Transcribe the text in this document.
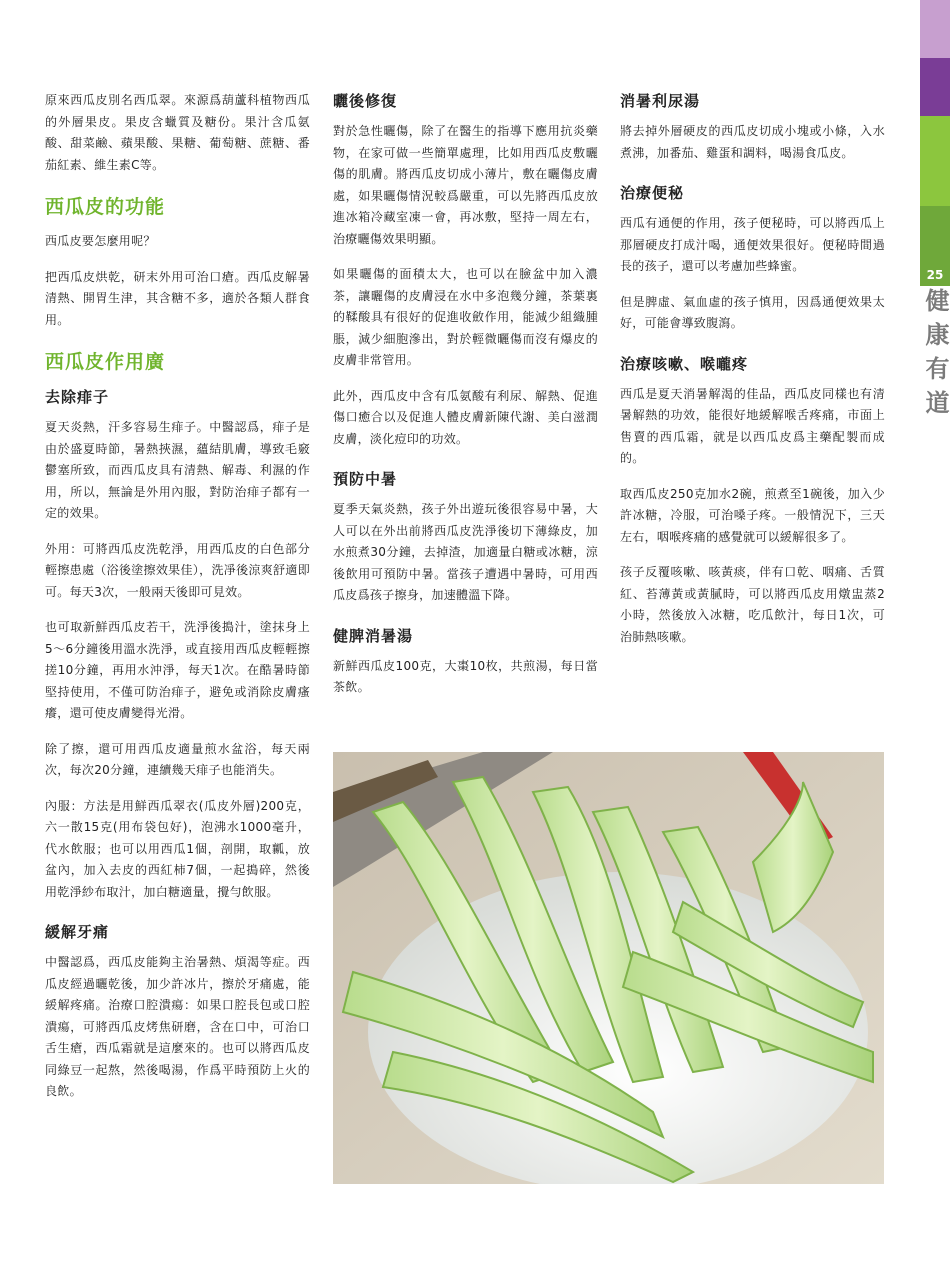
25
健康有道

原來西瓜皮別名西瓜翠。來源爲葫蘆科植物西瓜的外層果皮。果皮含蠟質及糖份。果汁含瓜氨酸、甜菜鹼、蘋果酸、果糖、葡萄糖、蔗糖、番茄紅素、維生素C等。

西瓜皮的功能

西瓜皮要怎麼用呢？

把西瓜皮烘乾，研末外用可治口瘡。西瓜皮解暑清熱、開胃生津，其含糖不多，適於各類人群食用。

西瓜皮作用廣
去除痱子

夏天炎熱，汗多容易生痱子。中醫認爲，痱子是由於盛夏時節，暑熱挾濕，蘊結肌膚，導致毛竅鬱塞所致，而西瓜皮具有清熱、解毒、利濕的作用，所以，無論是外用內服，對防治痱子都有一定的效果。

外用：可將西瓜皮洗乾淨，用西瓜皮的白色部分輕擦患處（浴後塗擦效果佳），洗凈後涼爽舒適即可。每天3次，一般兩天後即可見效。

也可取新鮮西瓜皮若干，洗淨後搗汁，塗抹身上5～6分鐘後用溫水洗淨，或直接用西瓜皮輕輕擦搓10分鐘，再用水沖淨，每天1次。在酷暑時節堅持使用，不僅可防治痱子，避免或消除皮膚瘙癢，還可使皮膚變得光滑。

除了擦，還可用西瓜皮適量煎水盆浴，每天兩次，每次20分鐘，連續幾天痱子也能消失。

內服：方法是用鮮西瓜翠衣(瓜皮外層)200克，六一散15克(用布袋包好)，泡沸水1000毫升，代水飲服；也可以用西瓜1個，剖開，取瓤，放盆內，加入去皮的西紅柿7個，一起搗碎，然後用乾淨紗布取汁，加白糖適量，攪勻飲服。

緩解牙痛

中醫認爲，西瓜皮能夠主治暑熱、煩渴等症。西瓜皮經過曬乾後，加少許冰片，擦於牙痛處，能緩解疼痛。治療口腔潰瘍：如果口腔長包或口腔潰瘍，可將西瓜皮烤焦研磨，含在口中，可治口舌生瘡，西瓜霜就是這麼來的。也可以將西瓜皮同綠豆一起熬，然後喝湯，作爲平時預防上火的良飲。

曬後修復

對於急性曬傷，除了在醫生的指導下應用抗炎藥物，在家可做一些簡單處理，比如用西瓜皮敷曬傷的肌膚。將西瓜皮切成小薄片，敷在曬傷皮膚處，如果曬傷情況較爲嚴重，可以先將西瓜皮放進冰箱冷藏室凍一會，再冰敷，堅持一周左右，治療曬傷效果明顯。

如果曬傷的面積太大，也可以在臉盆中加入濃茶，讓曬傷的皮膚浸在水中多泡幾分鐘，茶葉裏的鞣酸具有很好的促進收斂作用，能減少組織腫脹，減少細胞滲出，對於輕微曬傷而沒有爆皮的皮膚非常管用。

此外，西瓜皮中含有瓜氨酸有利尿、解熱、促進傷口癒合以及促進人體皮膚新陳代謝、美白滋潤皮膚，淡化痘印的功效。

預防中暑

夏季天氣炎熱，孩子外出遊玩後很容易中暑，大人可以在外出前將西瓜皮洗淨後切下薄綠皮，加水煎煮30分鐘，去掉渣，加適量白糖或冰糖，涼後飲用可預防中暑。當孩子遭遇中暑時，可用西瓜皮爲孩子擦身，加速體溫下降。

健脾消暑湯

新鮮西瓜皮100克，大棗10枚，共煎湯，每日當茶飲。

消暑利尿湯

將去掉外層硬皮的西瓜皮切成小塊或小條，入水煮沸，加番茄、雞蛋和調料，喝湯食瓜皮。

治療便秘

西瓜有通便的作用，孩子便秘時，可以將西瓜上那層硬皮打成汁喝，通便效果很好。便秘時間過長的孩子，還可以考慮加些蜂蜜。

但是脾虛、氣血虛的孩子慎用，因爲通便效果太好，可能會導致腹瀉。

治療咳嗽、喉嚨疼

西瓜是夏天消暑解渴的佳品，西瓜皮同樣也有清暑解熱的功效，能很好地緩解喉舌疼痛，市面上售賣的西瓜霜，就是以西瓜皮爲主藥配製而成的。

取西瓜皮250克加水2碗，煎煮至1碗後，加入少許冰糖，冷服，可治嗓子疼。一般情況下，三天左右，咽喉疼痛的感覺就可以緩解很多了。

孩子反覆咳嗽、咳黃痰，伴有口乾、咽痛、舌質紅、苔薄黃或黃膩時，可以將西瓜皮用燉盅蒸2小時，然後放入冰糖，吃瓜飲汁，每日1次，可治肺熱咳嗽。
